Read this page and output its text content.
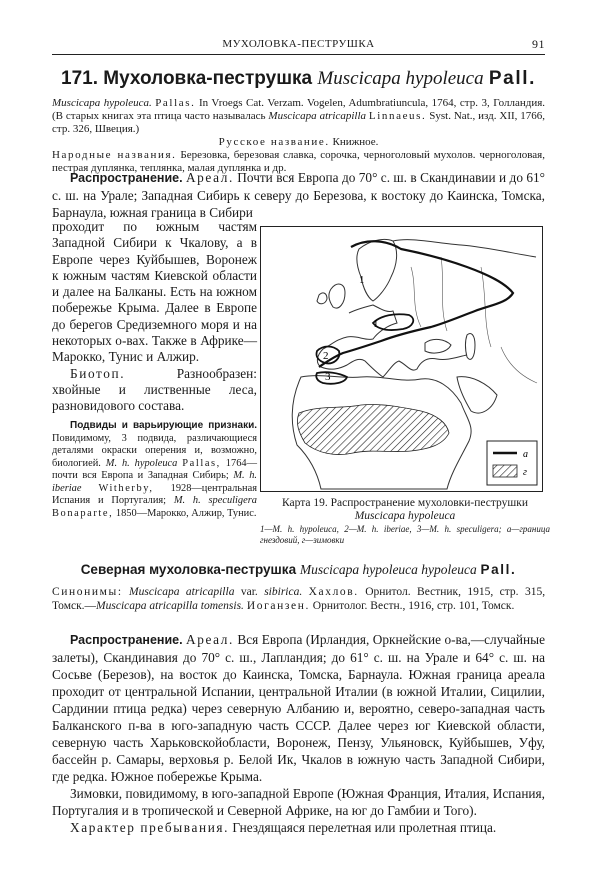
МУХОЛОВКА-ПЕСТРУШКА	91
171. Мухоловка-пеструшка Muscicapa hypoleuca Pall.

Muscicapa hypoleuca. Pallas. In Vroegs Cat. Verzam. Vogelen, Adumbratiuncula, 1764, стр. 3, Голландия. (В старых книгах эта птица часто называлась Muscicapa atricapilla Linnaeus. Syst. Nat., изд. XII, 1766, стр. 326, Швеция.)

Русское название. Книжное.

Народные названия. Березовка, березовая славка, сорочка, черноголовый мухолов. черноголовая, пестрая дуплянка, теплянка, малая дуплянка и др.

Распространение. Ареал. Почти вся Европа до 70° с. ш. в Скандинавии и до 61° с. ш. на Урале; Западная Сибирь к северу до Березова, к востоку до Каинска, Томска, Барнаула, южная граница в Сибири

проходит по южным частям Западной Сибири к Чкалову, а в Европе через Куйбышев, Воронеж к южным частям Киевской области и далее на Балканы. Есть на южном побережье Крыма. Далее в Европе до берегов Средиземного моря и на некоторых о-вах. Также в Африке—Марокко, Тунис и Алжир.

Биотоп.	Разнообразен: хвойные и лиственные леса, разновидового состава.

Подвиды и варьирующие признаки. Повидимому, 3 подвида, различающиеся деталями окраски оперения и, возможно, биологией. M. h. hypoleuca Pallas, 1764—почти вся Европа и Западная Сибирь; M. h. iberiae Witherby, 1928—центральная Испания и Португалия; M. h. speculigera Bonaparte, 1850—Марокко, Алжир, Тунис.

1
1
2
3
а
г
Карта 19. Распространение мухоловки-пеструшки
Muscicapa hypoleuca
1—M. h. hypoleuca, 2—M. h. iberiae, 3—M. h. speculigera; а—граница гнездовий, г—зимовки
Северная мухоловка-пеструшка Muscicapa hypoleuca hypoleuca Pall.

Синонимы: Muscicapa atricapilla var. sibirica. Хахлов. Орнитол. Вестник, 1915, стр. 315, Томск.—Muscicapa atricapilla tomensis. Иоганзен. Орнитолог. Вестн., 1916, стр. 101, Томск.

Распространение. Ареал. Вся Европа (Ирландия, Оркнейские о-ва,—случайные залеты), Скандинавия до 70° с. ш., Лапландия; до 61° с. ш. на Урале и 64° с. ш. на Сосьве (Березов), на восток до Каинска, Томска, Барнаула. Южная граница ареала проходит от центральной Испании, центральной Италии (в южной Италии, Сицилии, Сардинии птица редка) через северную Албанию и, вероятно, северо-западная часть Балканского п-ва в юго-западную часть СССР. Далее через юг Киевской области, северную часть Харьковскойобласти, Воронеж, Пензу, Ульяновск, Куйбышев, Уфу, бассейн р. Самары, верховья р. Белой Ик, Чкалов в южную часть Западной Сибири, где редка. Южное побережье Крыма.

Зимовки, повидимому, в юго-западной Европе (Южная Франция, Италия, Испания, Португалия и в тропической и Северной Африке, на юг до Гамбии и Того).

Характер пребывания. Гнездящаяся перелетная или пролетная птица.
